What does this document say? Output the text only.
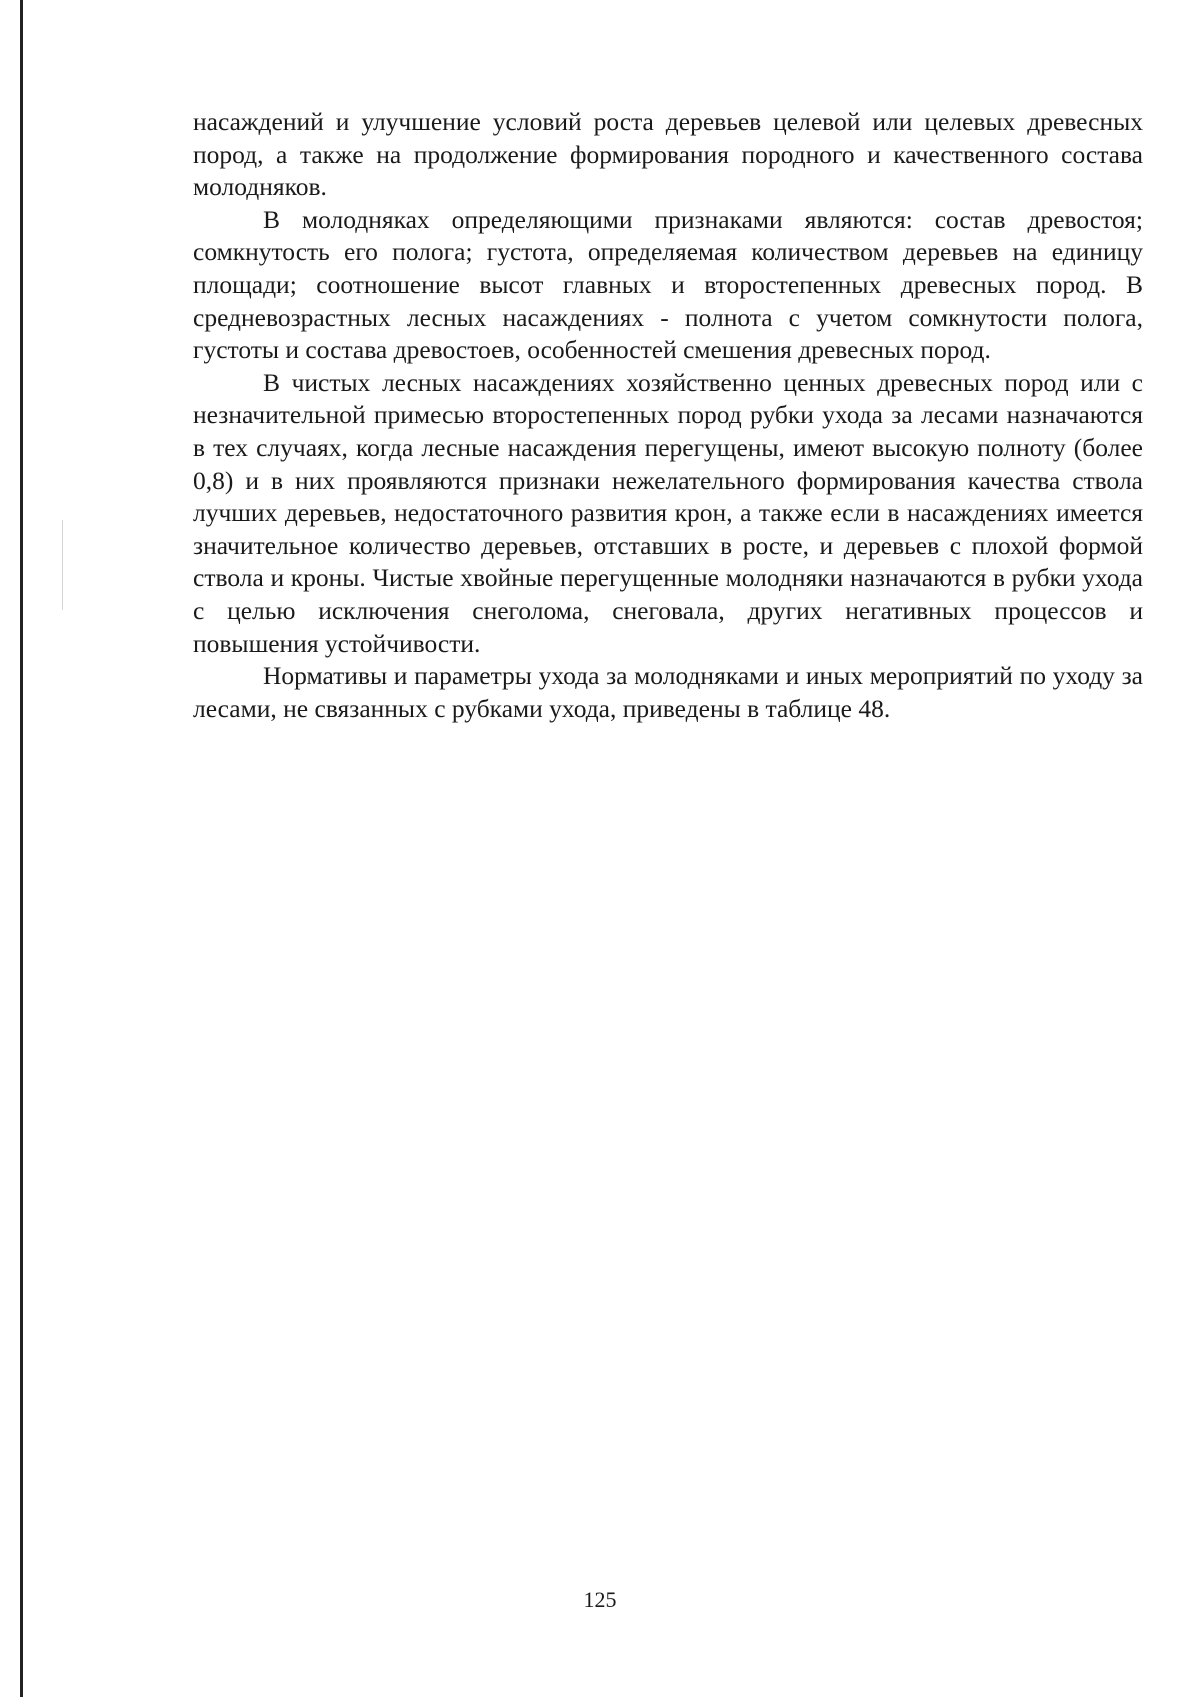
насаждений и улучшение условий роста деревьев целевой или целевых древесных пород, а также на продолжение формирования породного и качественного состава молодняков.

В молодняках определяющими признаками являются: состав древостоя; сомкнутость его полога; густота, определяемая количеством деревьев на единицу площади; соотношение высот главных и второстепенных древесных пород. В средневозрастных лесных насаждениях - полнота с учетом сомкнутости полога, густоты и состава древостоев, особенностей смешения древесных пород.

В чистых лесных насаждениях хозяйственно ценных древесных пород или с незначительной примесью второстепенных пород рубки ухода за лесами назначаются в тех случаях, когда лесные насаждения перегущены, имеют высокую полноту (более 0,8) и в них проявляются признаки нежелательного формирования качества ствола лучших деревьев, недостаточного развития крон, а также если в насаждениях имеется значительное количество деревьев, отставших в росте, и деревьев с плохой формой ствола и кроны. Чистые хвойные перегущенные молодняки назначаются в рубки ухода с целью исключения снеголома, снеговала, других негативных процессов и повышения устойчивости.

Нормативы и параметры ухода за молодняками и иных мероприятий по уходу за лесами, не связанных с рубками ухода, приведены в таблице 48.

125
